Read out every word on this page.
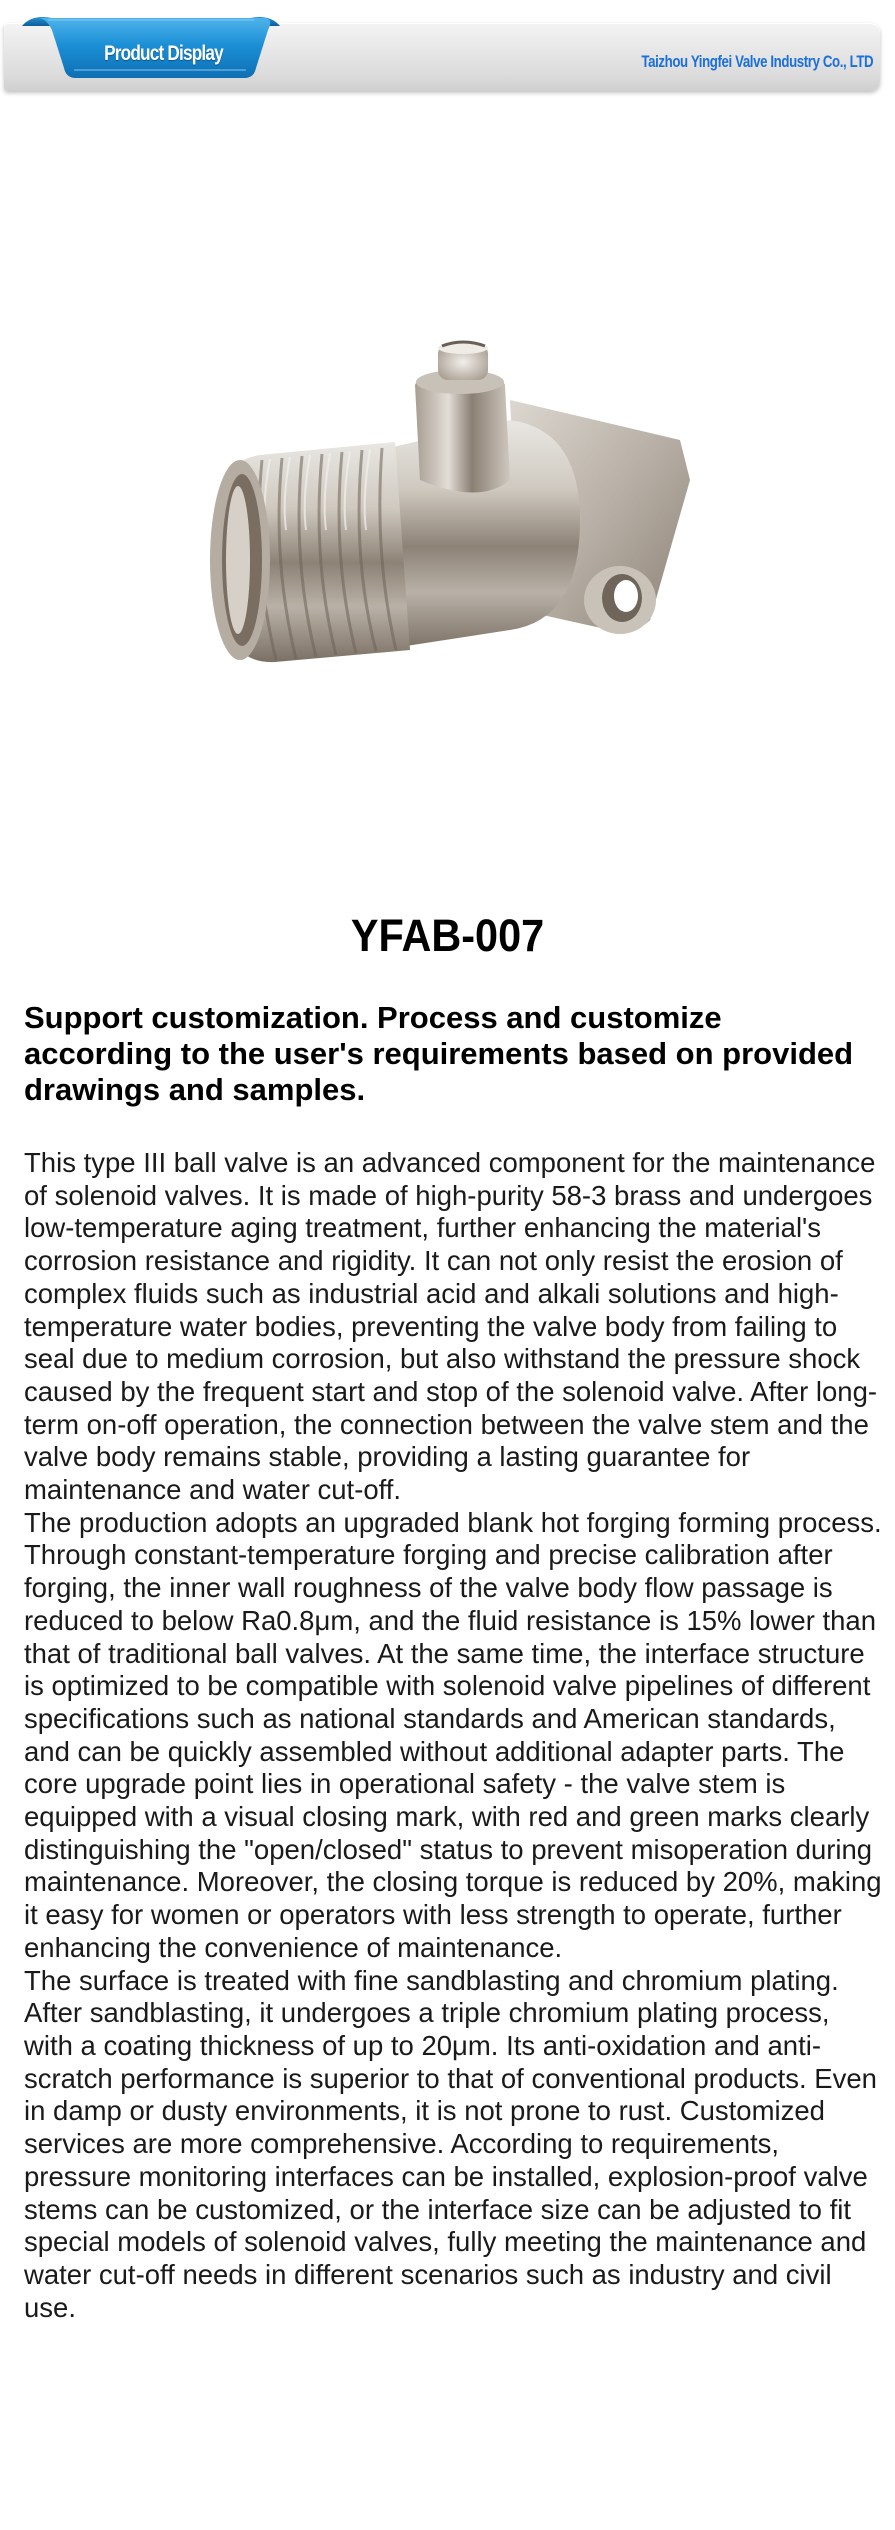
Product Display	Taizhou Yingfei Valve Industry Co., LTD
YFAB-007
Support customization. Process and customize according to the user's requirements based on provided drawings and samples.

This type III ball valve is an advanced component for the maintenance of solenoid valves. It is made of high-purity 58-3 brass and undergoes low-temperature aging treatment, further enhancing the material's corrosion resistance and rigidity. It can not only resist the erosion of complex fluids such as industrial acid and alkali solutions and high-temperature water bodies, preventing the valve body from failing to seal due to medium corrosion, but also withstand the pressure shock caused by the frequent start and stop of the solenoid valve. After long-term on-off operation, the connection between the valve stem and the valve body remains stable, providing a lasting guarantee for maintenance and water cut-off.

The production adopts an upgraded blank hot forging forming process. Through constant-temperature forging and precise calibration after forging, the inner wall roughness of the valve body flow passage is reduced to below Ra0.8μm, and the fluid resistance is 15% lower than that of traditional ball valves. At the same time, the interface structure is optimized to be compatible with solenoid valve pipelines of different specifications such as national standards and American standards, and can be quickly assembled without additional adapter parts. The core upgrade point lies in operational safety - the valve stem is equipped with a visual closing mark, with red and green marks clearly distinguishing the "open/closed" status to prevent misoperation during maintenance. Moreover, the closing torque is reduced by 20%, making it easy for women or operators with less strength to operate, further enhancing the convenience of maintenance.

The surface is treated with fine sandblasting and chromium plating. After sandblasting, it undergoes a triple chromium plating process, with a coating thickness of up to 20μm. Its anti-oxidation and anti-scratch performance is superior to that of conventional products. Even in damp or dusty environments, it is not prone to rust. Customized services are more comprehensive. According to requirements, pressure monitoring interfaces can be installed, explosion-proof valve stems can be customized, or the interface size can be adjusted to fit special models of solenoid valves, fully meeting the maintenance and water cut-off needs in different scenarios such as industry and civil use.
